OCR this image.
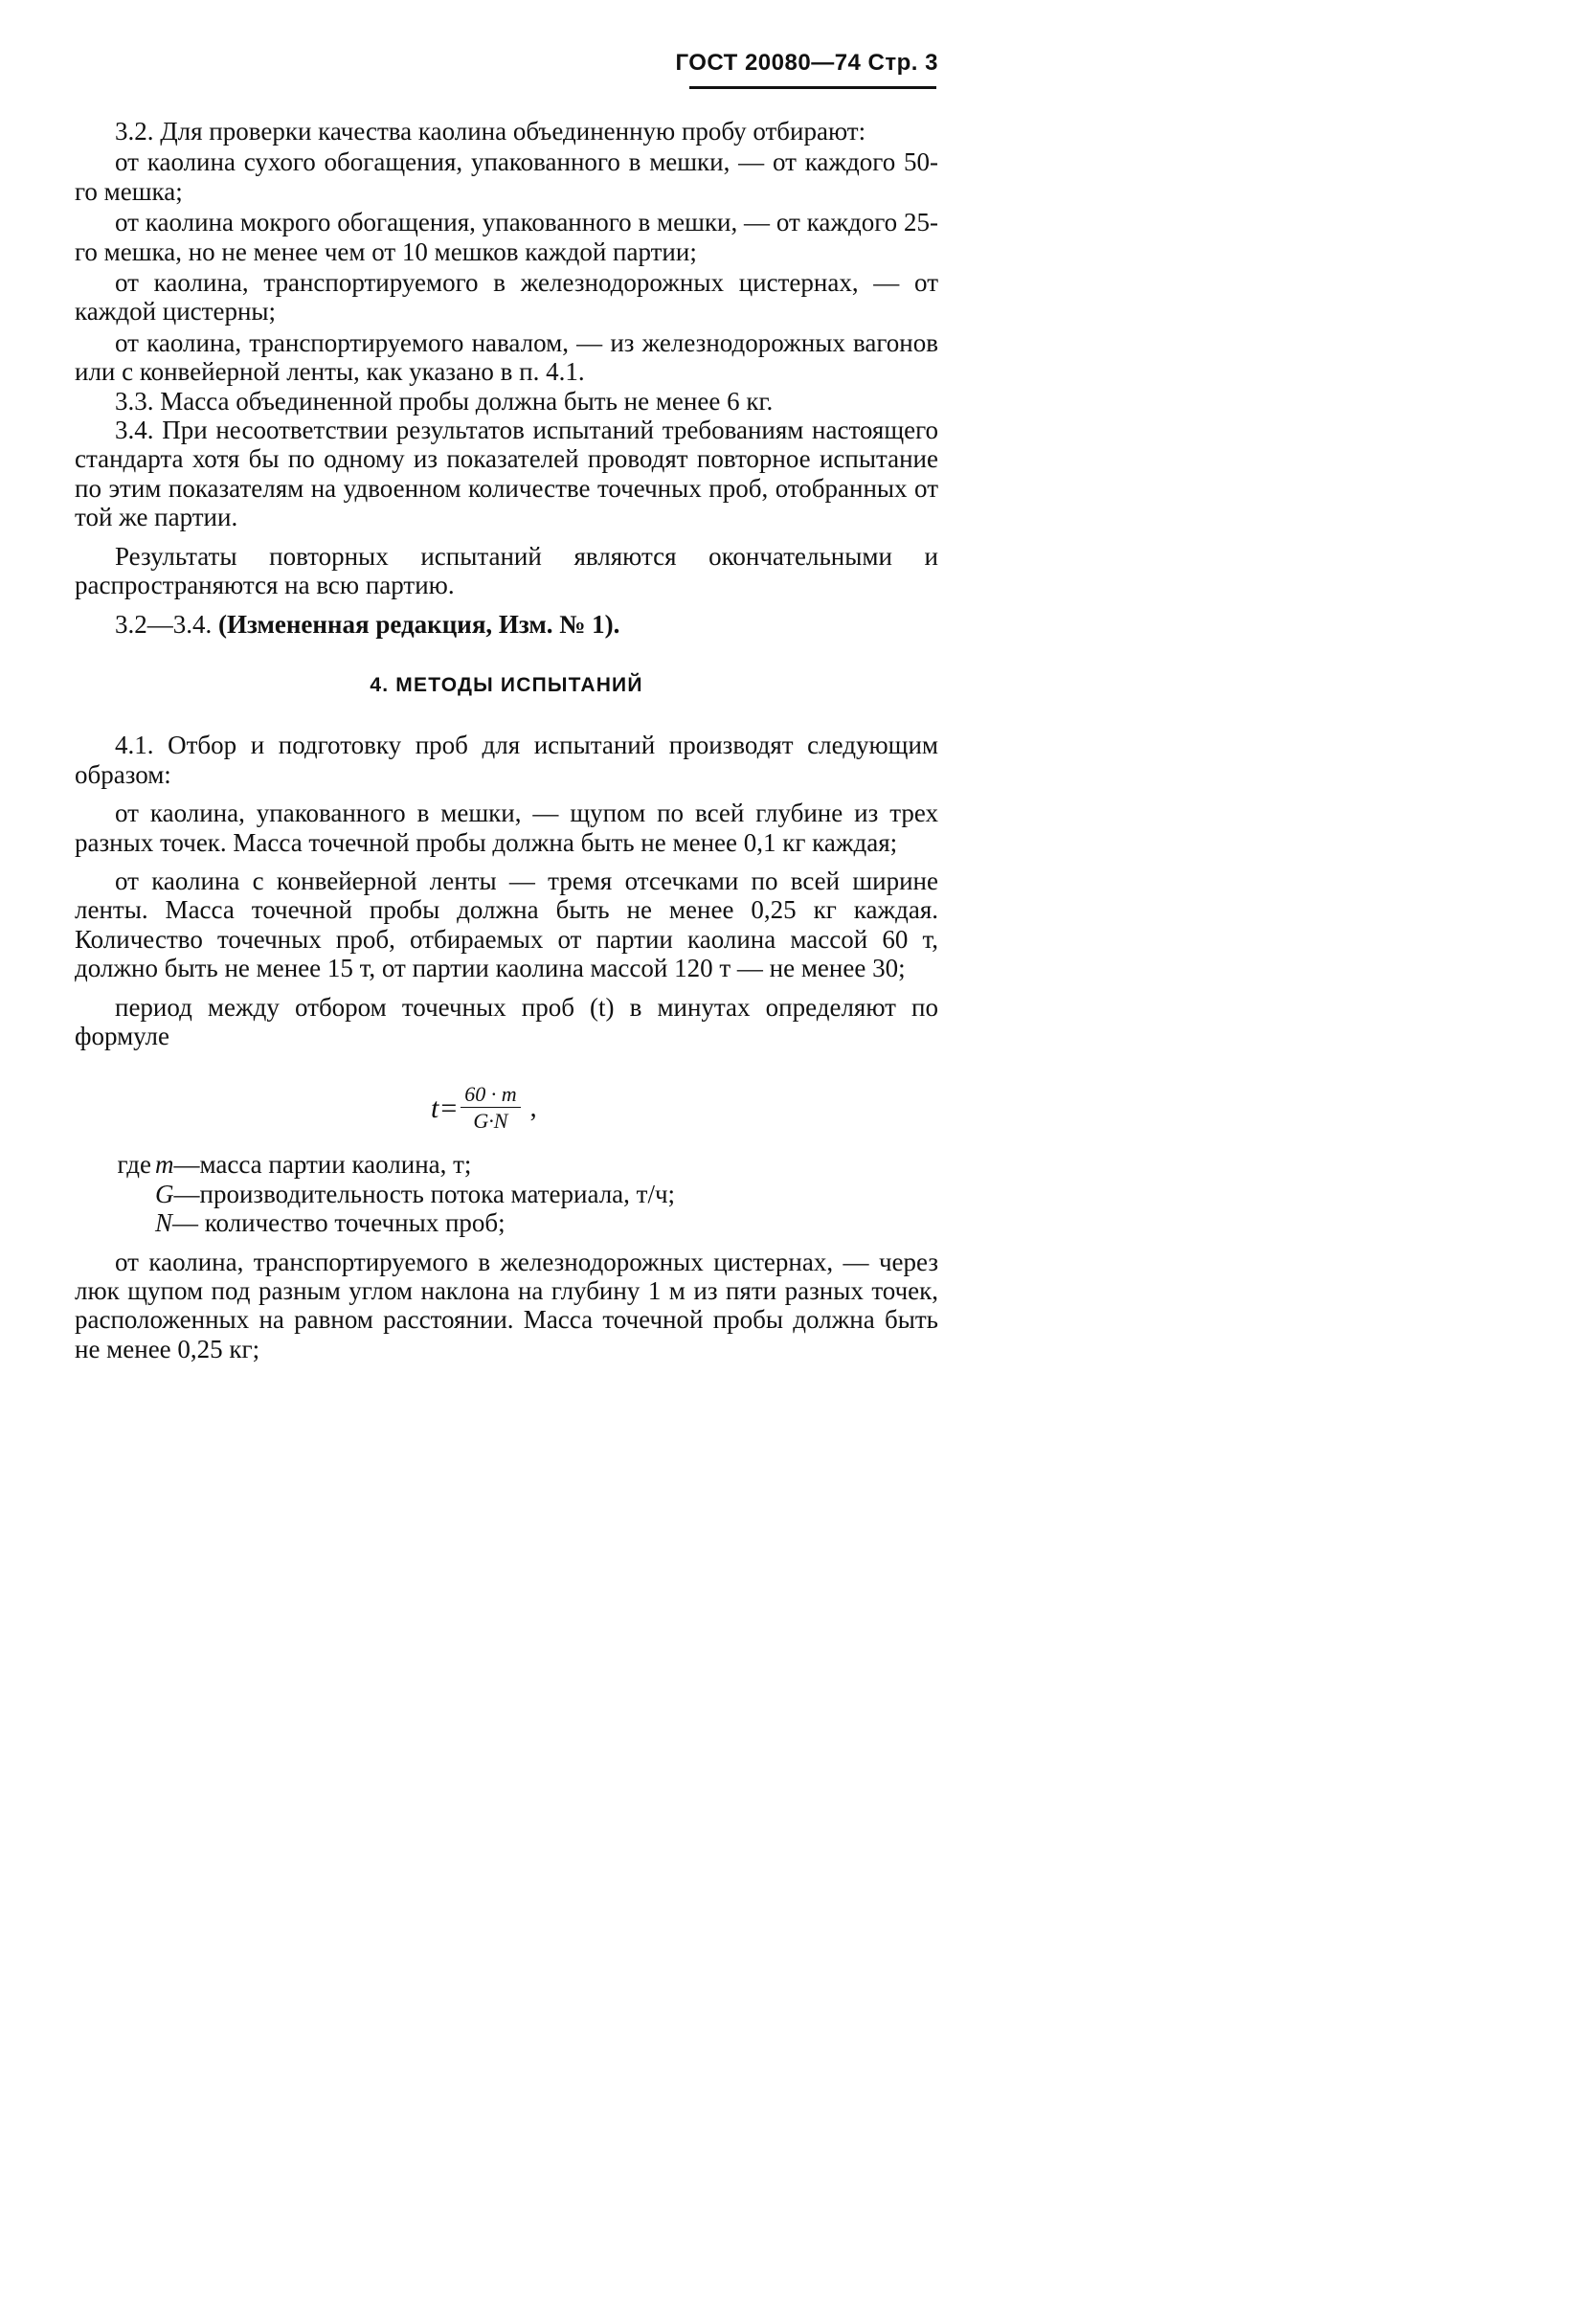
ГОСТ 20080—74 Стр. 3

3.2. Для проверки качества каолина объединенную пробу отбирают:

от каолина сухого обогащения, упакованного в мешки, — от каждого 50-го мешка;

от каолина мокрого обогащения, упакованного в мешки, — от каждого 25-го мешка, но не менее чем от 10 мешков каждой партии;

от каолина, транспортируемого в железнодорожных цистернах, — от каждой цистерны;

от каолина, транспортируемого навалом, — из железнодорожных вагонов или с конвейерной ленты, как указано в п. 4.1.

3.3. Масса объединенной пробы должна быть не менее 6 кг.

3.4. При несоответствии результатов испытаний требованиям настоящего стандарта хотя бы по одному из показателей проводят повторное испытание по этим показателям на удвоенном количестве точечных проб, отобранных от той же партии.

Результаты повторных испытаний являются окончательными и распространяются на всю партию.

3.2—3.4. (Измененная редакция, Изм. № 1).

4. МЕТОДЫ ИСПЫТАНИЙ

4.1. Отбор и подготовку проб для испытаний производят следующим образом:

от каолина, упакованного в мешки, — щупом по всей глубине из трех разных точек. Масса точечной пробы должна быть не менее 0,1 кг каждая;

от каолина с конвейерной ленты — тремя отсечками по всей ширине ленты. Масса точечной пробы должна быть не менее 0,25 кг каждая. Количество точечных проб, отбираемых от партии каолина массой 60 т, должно быть не менее 15 т, от партии каолина массой 120 т — не менее 30;

период между отбором точечных проб (t) в минутах определяют по формуле

$t = \frac{60 \cdot m}{G\cdot N}$ ,
где m —масса партии каолина, т;
G —производительность потока материала, т/ч;
N — количество точечных проб;

от каолина, транспортируемого в железнодорожных цистернах, — через люк щупом под разным углом наклона на глубину 1 м из пяти разных точек, расположенных на равном расстоянии. Масса точечной пробы должна быть не менее 0,25 кг;
